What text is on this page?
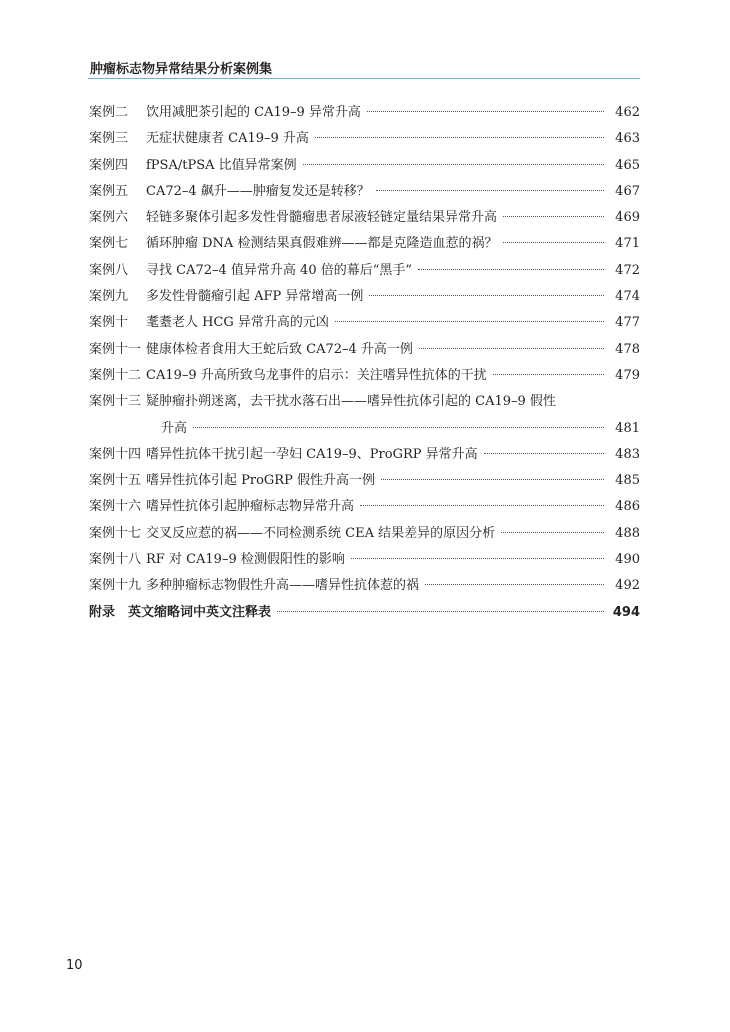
肿瘤标志物异常结果分析案例集
案例二 饮用减肥茶引起的 CA19–9 异常升高	462
案例三 无症状健康者 CA19–9 升高	463
案例四 fPSA/tPSA 比值异常案例	465
案例五 CA72–4 飙升——肿瘤复发还是转移？	467
案例六 轻链多聚体引起多发性骨髓瘤患者尿液轻链定量结果异常升高	469
案例七 循环肿瘤 DNA 检测结果真假难辨——都是克隆造血惹的祸？	471
案例八 寻找 CA72–4 值异常升高 40 倍的幕后“黑手”	472
案例九 多发性骨髓瘤引起 AFP 异常增高一例	474
案例十 耄耋老人 HCG 异常升高的元凶	477
案例十一 健康体检者食用大王蛇后致 CA72–4 升高一例	478
案例十二 CA19–9 升高所致乌龙事件的启示：关注嗜异性抗体的干扰	479
案例十三 疑肿瘤扑朔迷离，去干扰水落石出——嗜异性抗体引起的 CA19–9 假性
升高	481
案例十四 嗜异性抗体干扰引起一孕妇 CA19–9、ProGRP 异常升高	483
案例十五 嗜异性抗体引起 ProGRP 假性升高一例	485
案例十六 嗜异性抗体引起肿瘤标志物异常升高	486
案例十七 交叉反应惹的祸——不同检测系统 CEA 结果差异的原因分析	488
案例十八 RF 对 CA19–9 检测假阳性的影响	490
案例十九 多种肿瘤标志物假性升高——嗜异性抗体惹的祸	492
附录　英文缩略词中英文注释表	494
10
